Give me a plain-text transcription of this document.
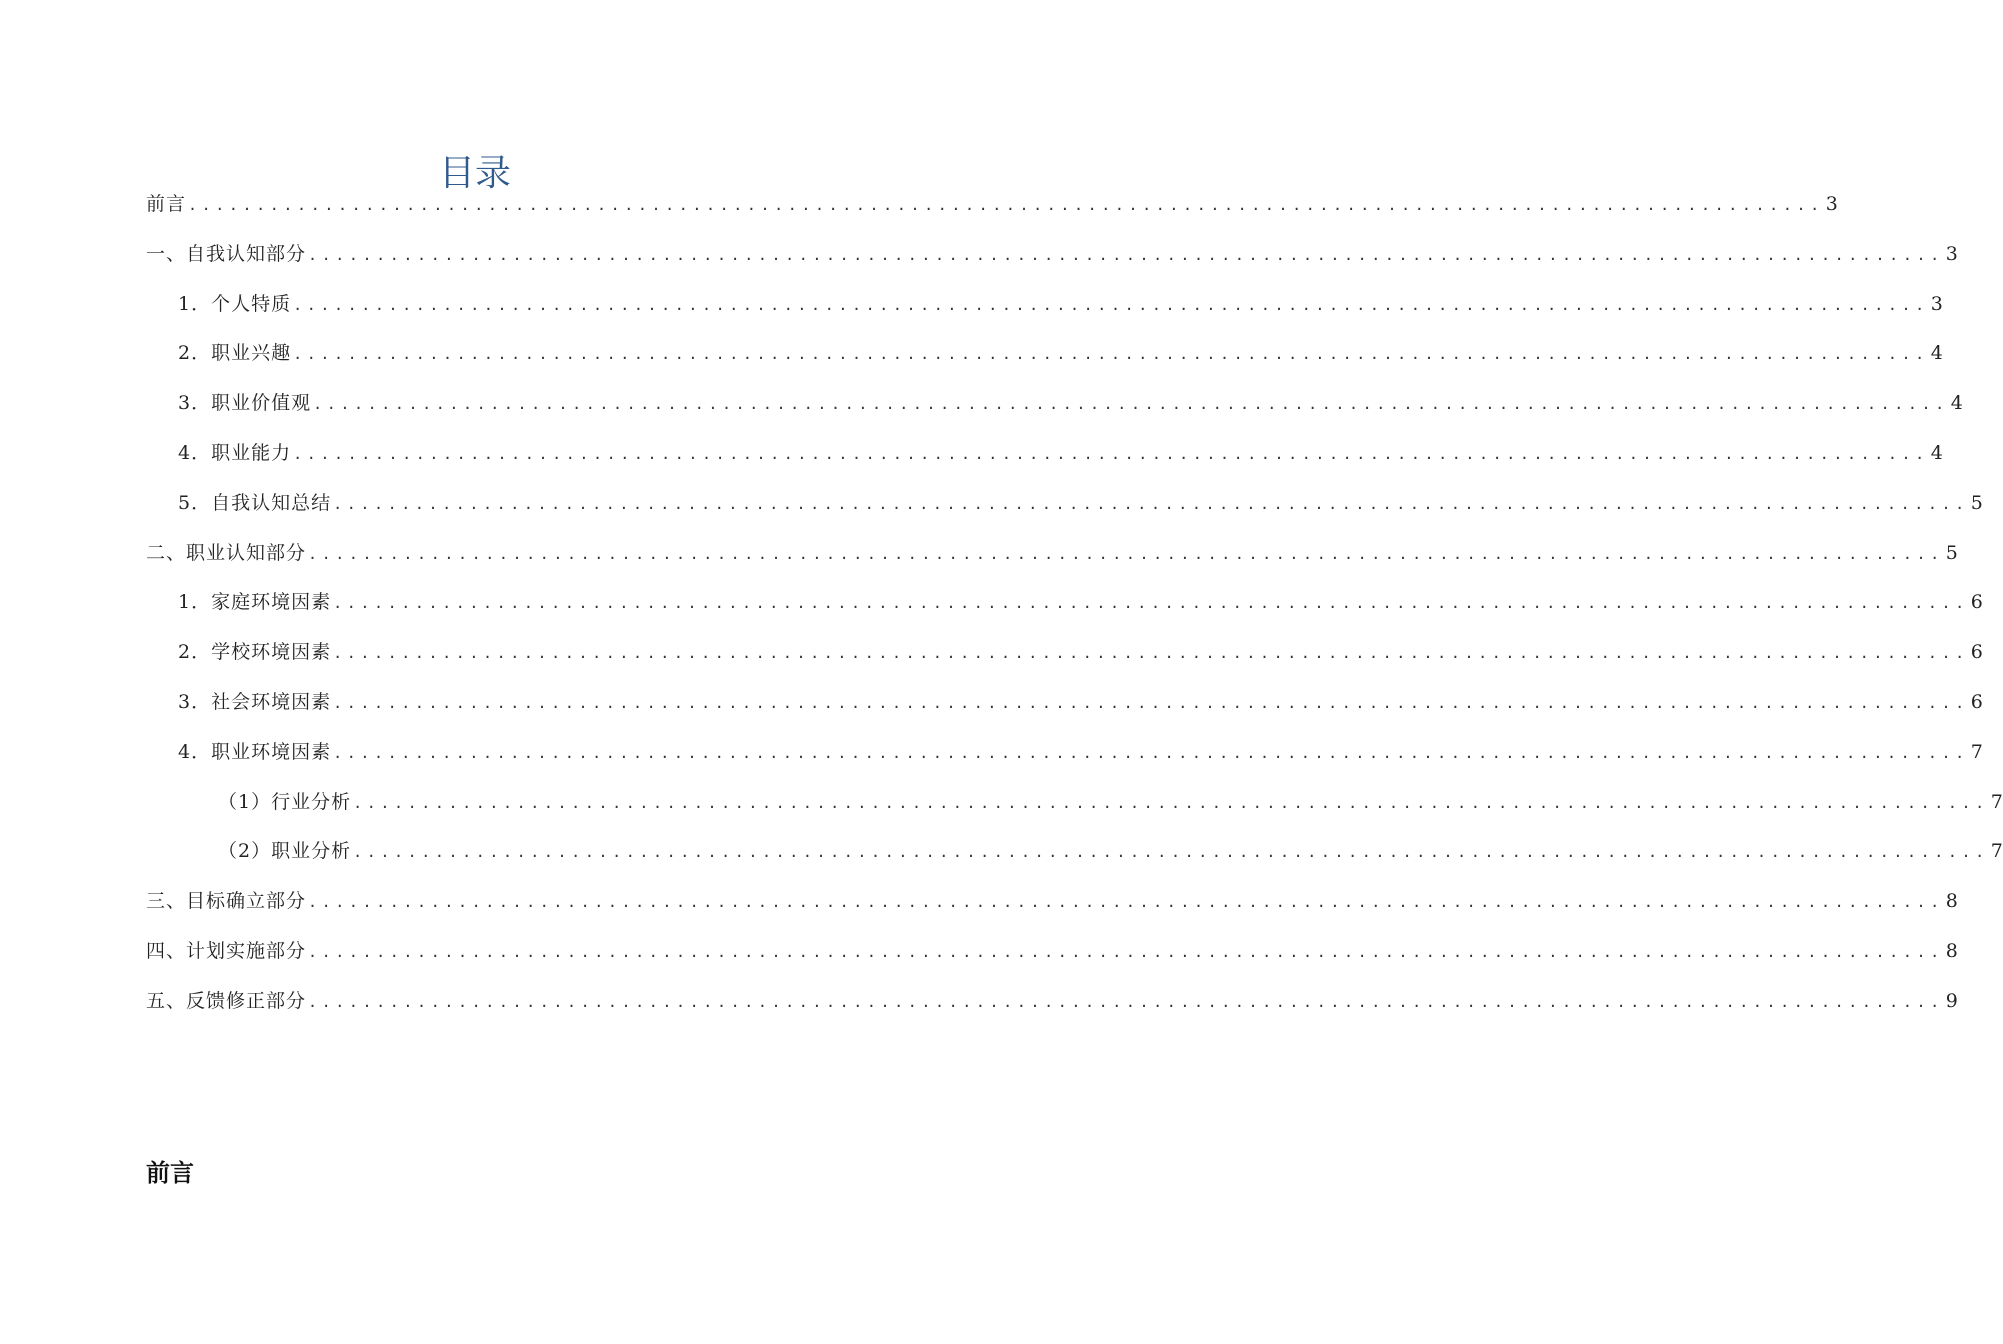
目录
前言 ........................................................................................................................ 3
一、自我认知部分 ........................................................................................................................ 3
1．个人特质 ........................................................................................................................ 3
2．职业兴趣 ........................................................................................................................ 4
3．职业价值观 ........................................................................................................................ 4
4．职业能力 ........................................................................................................................ 4
5．自我认知总结 ........................................................................................................................ 5
二、职业认知部分 ........................................................................................................................ 5
1．家庭环境因素 ........................................................................................................................ 6
2．学校环境因素 ........................................................................................................................ 6
3．社会环境因素 ........................................................................................................................ 6
4．职业环境因素 ........................................................................................................................ 7
（1）行业分析 ........................................................................................................................ 7
（2）职业分析 ........................................................................................................................ 7
三、目标确立部分 ........................................................................................................................ 8
四、计划实施部分 ........................................................................................................................ 8
五、反馈修正部分 ........................................................................................................................ 9
前言
